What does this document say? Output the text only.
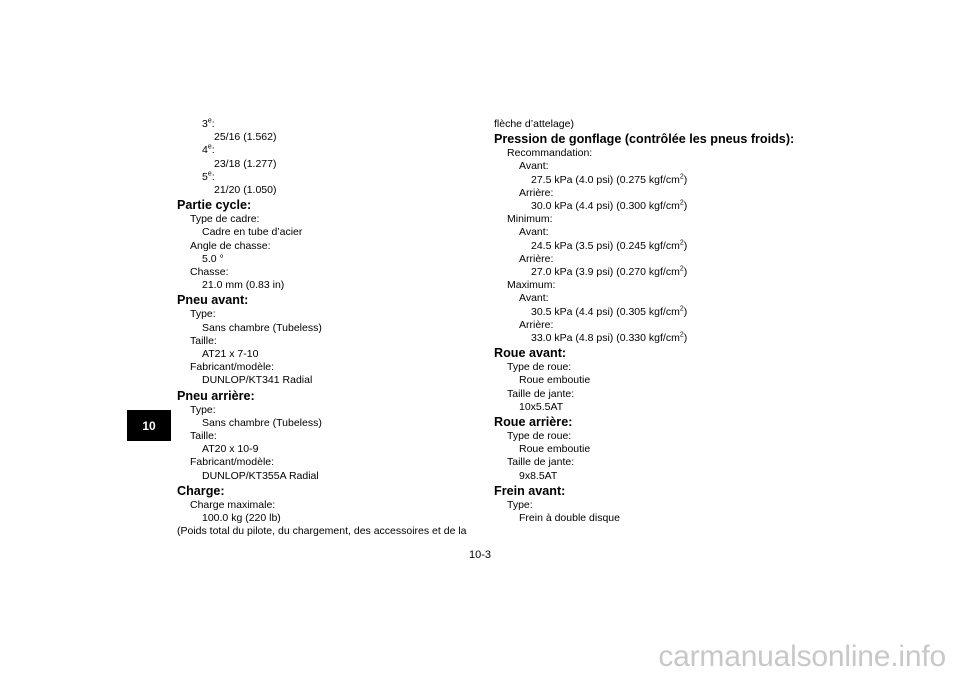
10
3e:
25/16 (1.562)
4e:
23/18 (1.277)
5e:
21/20 (1.050)
Partie cycle:
Type de cadre:
Cadre en tube d’acier
Angle de chasse:
5.0 °
Chasse:
21.0 mm (0.83 in)
Pneu avant:
Type:
Sans chambre (Tubeless)
Taille:
AT21 x 7-10
Fabricant/modèle:
DUNLOP/KT341 Radial
Pneu arrière:
Type:
Sans chambre (Tubeless)
Taille:
AT20 x 10-9
Fabricant/modèle:
DUNLOP/KT355A Radial
Charge:
Charge maximale:
100.0 kg (220 lb)
(Poids total du pilote, du chargement, des accessoires et de la
flèche d’attelage)
Pression de gonflage (contrôlée les pneus froids):
Recommandation:
Avant:
27.5 kPa (4.0 psi) (0.275 kgf/$cm^2$)
Arrière:
30.0 kPa (4.4 psi) (0.300 kgf/$cm^2$)
Minimum:
Avant:
24.5 kPa (3.5 psi) (0.245 kgf/$cm^2$)
Arrière:
27.0 kPa (3.9 psi) (0.270 kgf/$cm^2$)
Maximum:
Avant:
30.5 kPa (4.4 psi) (0.305 kgf/$cm^2$)
Arrière:
33.0 kPa (4.8 psi) (0.330 kgf/$cm^2$)
Roue avant:
Type de roue:
Roue emboutie
Taille de jante:
10x5.5AT
Roue arrière:
Type de roue:
Roue emboutie
Taille de jante:
9x8.5AT
Frein avant:
Type:
Frein à double disque
10-3
carmanualsonline.info
